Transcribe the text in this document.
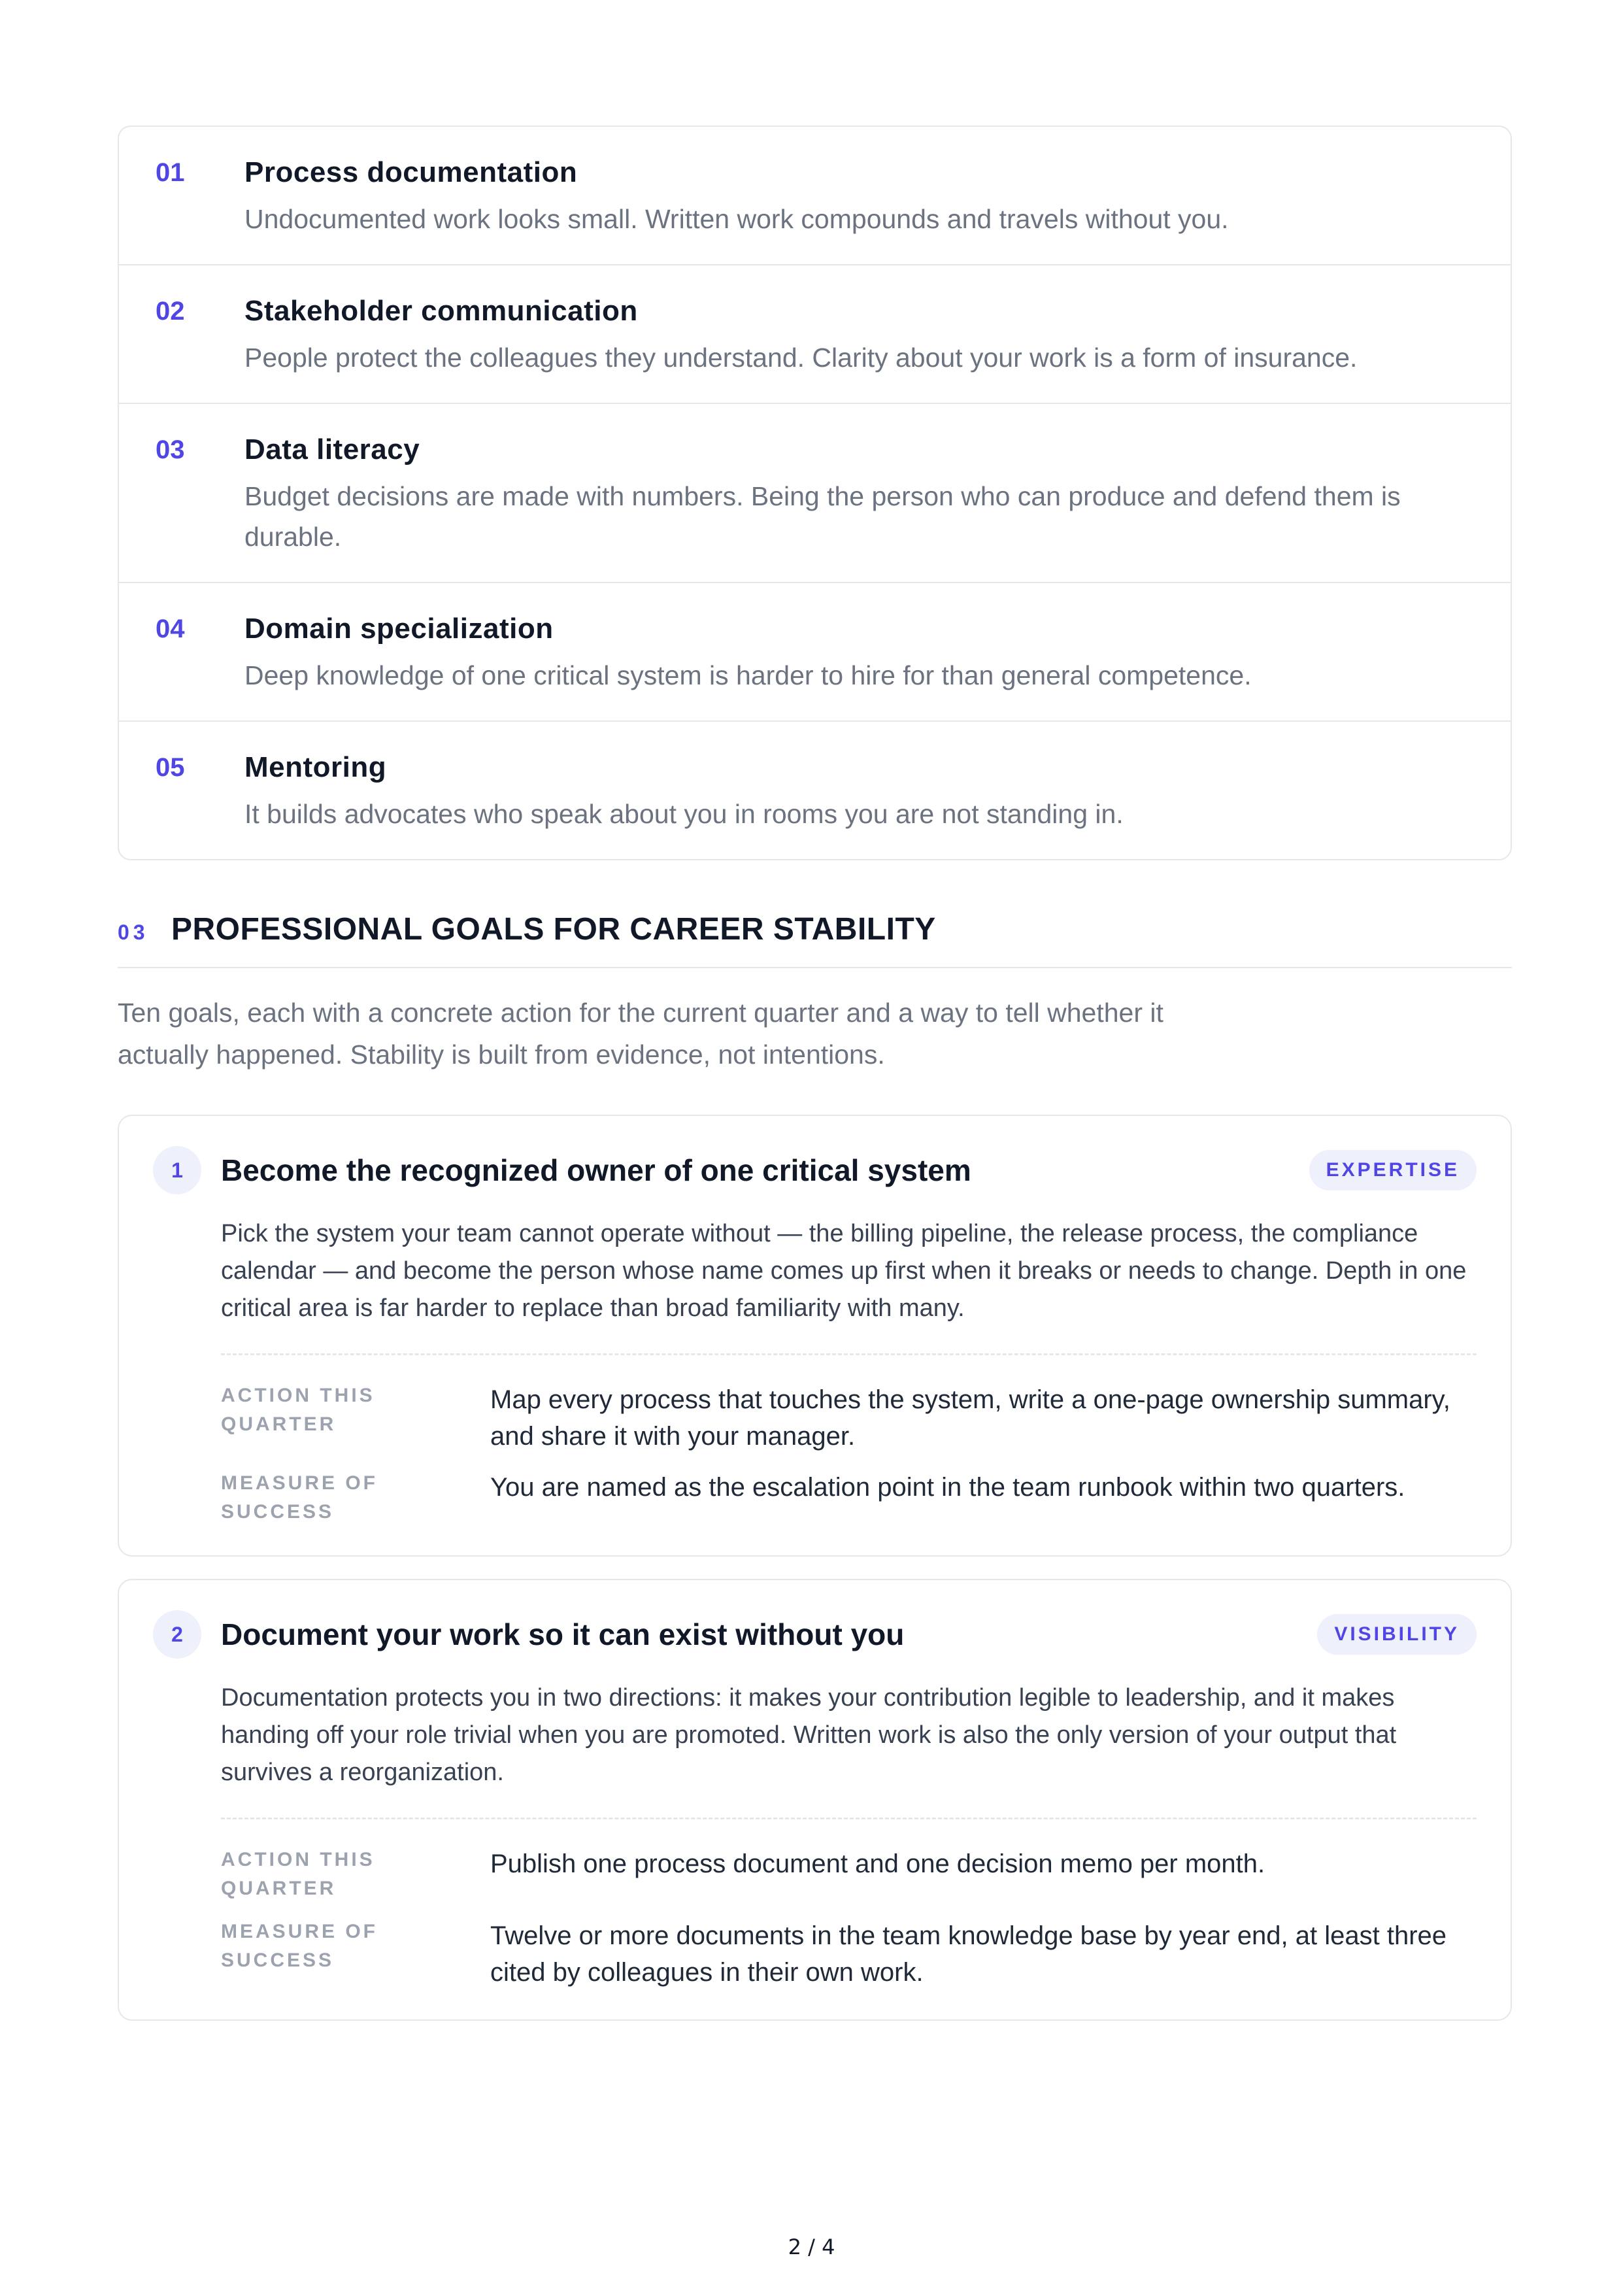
01	Process documentation
Undocumented work looks small. Written work compounds and travels without you.
02	Stakeholder communication
People protect the colleagues they understand. Clarity about your work is a form of insurance.
03	Data literacy
Budget decisions are made with numbers. Being the person who can produce and defend them is durable.
04	Domain specialization
Deep knowledge of one critical system is harder to hire for than general competence.
05	Mentoring
It builds advocates who speak about you in rooms you are not standing in.
03 PROFESSIONAL GOALS FOR CAREER STABILITY
Ten goals, each with a concrete action for the current quarter and a way to tell whether it actually happened. Stability is built from evidence, not intentions.
1	Become the recognized owner of one critical system	EXPERTISE
Pick the system your team cannot operate without — the billing pipeline, the release process, the compliance calendar — and become the person whose name comes up first when it breaks or needs to change. Depth in one critical area is far harder to replace than broad familiarity with many.
ACTION THIS
QUARTER
Map every process that touches the system, write a one-page ownership summary, and share it with your manager.
MEASURE OF
SUCCESS
You are named as the escalation point in the team runbook within two quarters.
2	Document your work so it can exist without you	VISIBILITY
Documentation protects you in two directions: it makes your contribution legible to leadership, and it makes handing off your role trivial when you are promoted. Written work is also the only version of your output that survives a reorganization.
ACTION THIS
QUARTER
Publish one process document and one decision memo per month.
MEASURE OF
SUCCESS
Twelve or more documents in the team knowledge base by year end, at least three cited by colleagues in their own work.
2 / 4
